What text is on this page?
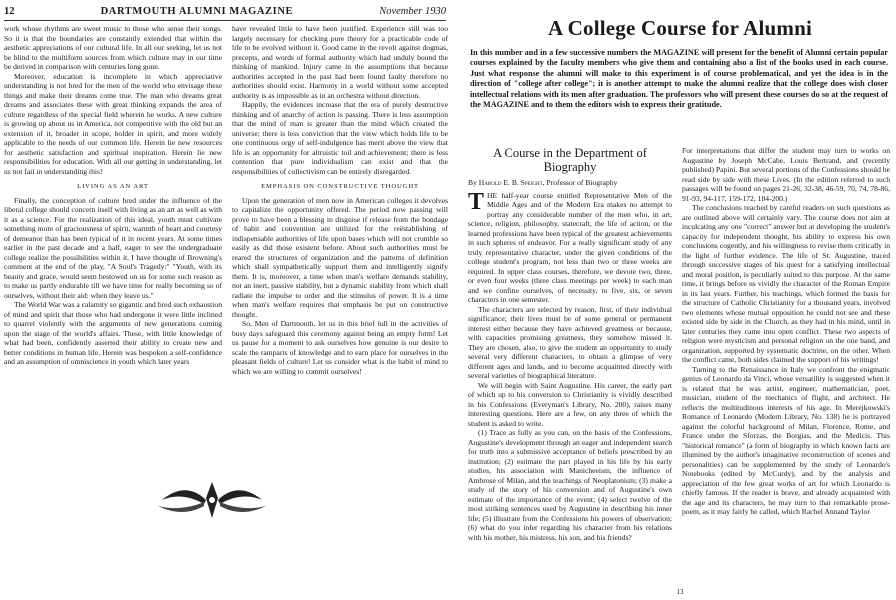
12	DARTMOUTH ALUMNI MAGAZINE	November 1930

work whose rhythms are sweet music to those who sense their songs. So it is that the boundaries are constantly extended that within the aesthetic appreciations of our cultural life. In all our seeking, let us not be blind to the multiform sources from which culture may in our time be derived in comparison with centuries long gone.

Moreover, education is incomplete in which appreciative understanding is not bred for the men of the world who envisage these things and make their dreams come true. The man who dreams great dreams and associates these with great thinking expands the area of culture regardless of the special field wherein he works. A new culture is growing up about us in America, not competitive with the old but an extension of it, broader in scope, bolder in spirit, and more widely applicable to the needs of our common life. Herein lie new resources for aesthetic satisfaction and spiritual inspiration. Herein lie new responsibilities for education. With all our getting in understanding, let us not fail in understanding this!

LIVING AS AN ART

Finally, the conception of culture bred under the influence of the liberal college should concern itself with living as an art as well as with it as a science. For the realization of this ideal, youth must cultivate something more of graciousness of spirit, warmth of heart and courtesy of demeanor than has been typical of it in recent years. At some times earlier in the past decade and a half, eager to see the undergraduate college realize the possibilities within it, I have thought of Browning's comment at the end of the play, "A Soul's Tragedy:" "Youth, with its beauty and grace, would seem bestowed on us for some such reason as to make us partly endurable till we have time for really becoming so of ourselves, without their aid: when they leave us."

The World War was a calamity so gigantic and bred such exhaustion of mind and spirit that those who had undergone it were little inclined to quarrel violently with the arguments of new generations coming upon the stage of the world's affairs. These, with little knowledge of what had been, confidently asserted their ability to create new and better conditions in human life. Herein was bespoken a self-confidence and an assumption of omniscience in youth which later years

have revealed little to have been justified. Experience still was too largely necessary for checking pure theory for a practicable code of life to be evolved without it. Good came in the revolt against dogmas, precepts, and words of formal authority which had unduly bound the thinking of mankind. Injury came in the assumptions that because authorities accepted in the past had been found faulty therefore no authorities should exist. Harmony in a world without some accepted authority is as impossible as in an orchestra without direction.

Happily, the evidences increase that the era of purely destructive thinking and of anarchy of action is passing. There is less assumption that the mind of man is greater than the mind which created the universe; there is less conviction that the view which holds life to be one continuous orgy of self-indulgence has merit above the view that life is an opportunity for altruistic toil and achievement; there is less contention that pure individualism can exist and that the responsibilities of collectivism can be entirely disregarded.

EMPHASIS ON CONSTRUCTIVE THOUGHT

Upon the generation of men now in American colleges it devolves to capitalize the opportunity offered. The period now passing will prove to have been a blessing in disguise if release from the bondage of habit and convention are utilized for the reëstablishing of indispensable authorities of life upon bases which will not crumble so easily as did those existent before. About such authorities must be reared the structures of organization and the patterns of definition which shall sympathetically support them and intelligently signify them. It is, moreover, a time when man's welfare demands stability, not an inert, passive stability, but a dynamic stability from which shall radiate the impulse to order and the stimulus of power. It is a time when man's welfare requires that emphasis be put on constructive thought.

So, Men of Dartmouth, let us in this brief lull in the activities of busy days safeguard this ceremony against being an empty form! Let us pause for a moment to ask ourselves how genuine is our desire to scale the ramparts of knowledge and to earn place for ourselves in the pleasant fields of culture! Let us consider what is the habit of mind to which we are willing to commit ourselves!

A College Course for Alumni
In this number and in a few successive numbers the MAGAZINE will present for the benefit of Alumni certain popular courses explained by the faculty members who give them and containing also a list of the books used in each course. Just what response the alumni will make to this experiment is of course problematical, and yet the idea is in the direction of "college after college"; it is another attempt to make the alumni realize that the college does wish closer intellectual relations with its men after graduation. The professors who will present these courses do so at the request of the MAGAZINE and to them the editors wish to express their gratitude.
A Course in the Department of Biography
By Harold E. B. Speight, Professor of Biography

THE half-year course entitled Representative Men of the Middle Ages and of the Modern Era makes no attempt to portray any considerable number of the men who, in art, science, religion, philosophy, statecraft, the life of action, or the learned professions have been typical of the greatest achievements in such spheres of endeavor. For a really significant study of any truly representative character, under the given conditions of the college student's program, not less than two or three weeks are required. In upper class courses, therefore, we devote two, three, or even four weeks (three class meetings per week) to each man and we confine ourselves, of necessity, to five, six, or seven characters in one semester.

The characters are selected by reason, first, of their individual significance; their lives must be of some general or permanent interest either because they have achieved greatness or because, with capacities promising greatness, they somehow missed it. They are chosen, also, to give the student an opportunity to study several very different characters, to obtain a glimpse of very different ages and lands, and to become acquainted directly with several varieties of biographical literature.

We will begin with Saint Augustine. His career, the early part of which up to his conversion to Christianity is vividly described in his Confessions (Everyman's Library, No. 200), raises many interesting questions. Here are a few, on any three of which the student is asked to write.

(1) Trace as fully as you can, on the basis of the Confessions, Augustine's development through an eager and independent search for truth into a submissive acceptance of beliefs prescribed by an institution; (2) estimate the part played in his life by his early studies, his association with Manicheeism, the influence of Ambrose of Milan, and the teachings of Neoplatonism; (3) make a study of the story of his conversion and of Augustine's own estimate of the importance of the event; (4) select twelve of the most striking sentences used by Augustine in describing his inner life; (5) illustrate from the Confessions his powers of observation; (6) what do you infer regarding his character from his relations with his mother, his mistress, his son, and his friends?

For interpretations that differ the student may turn to works on Augustine by Joseph McCabe, Louis Bertrand, and (recently published) Papini. But several portions of the Confessions should be read side by side with these Lives. (In the edition referred to such passages will be found on pages 21-26, 32-38, 46-59, 70, 74, 78-86, 91-93, 94-117, 159-172, 184-200.)

The conclusions reached by careful readers on such questions as are outlined above will certainly vary. The course does not aim at inculcating any one "correct" answer but at developing the student's capacity for independent thought, his ability to express his own conclusions cogently, and his willingness to revise them critically in the light of further evidence. The life of St. Augustine, traced through successive stages of his quest for a satisfying intellectual and moral position, is peculiarly suited to this purpose. At the same time, it brings before us vividly the character of the Roman Empire in its last years. Further, his teachings, which formed the basis for the structure of Catholic Christianity for a thousand years, involved two elements whose mutual opposition he could not see and these existed side by side in the Church, as they had in his mind, until in later centuries they came into open conflict. These two aspects of religion were mysticism and personal religion on the one hand, and organization, supported by systematic doctrine, on the other. When the conflict came, both sides claimed the support of his writings!

Turning to the Renaissance in Italy we confront the enigmatic genius of Leonardo da Vinci, whose versatility is suggested when it is related that he was artist, engineer, mathematician, poet, musician, student of the mechanics of flight, and architect. He reflects the multitudinous interests of his age. In Merejkowski's Romance of Leonardo (Modern Library, No. 138) he is portrayed against the colorful background of Milan, Florence, Rome, and France under the Sforzas, the Borgias, and the Medicis. This "historical romance" (a form of biography in which known facts are illumined by the author's imaginative reconstruction of scenes and personalities) can be supplemented by the study of Leonardo's Notebooks (edited by McCurdy), and by the analysis and appreciation of the few great works of art for which Leonardo is chiefly famous. If the reader is brave, and already acquainted with the age and its characters, he may turn to that remarkable prose-poem, as it may fairly be called, which Rachel Annand Taylor

13
